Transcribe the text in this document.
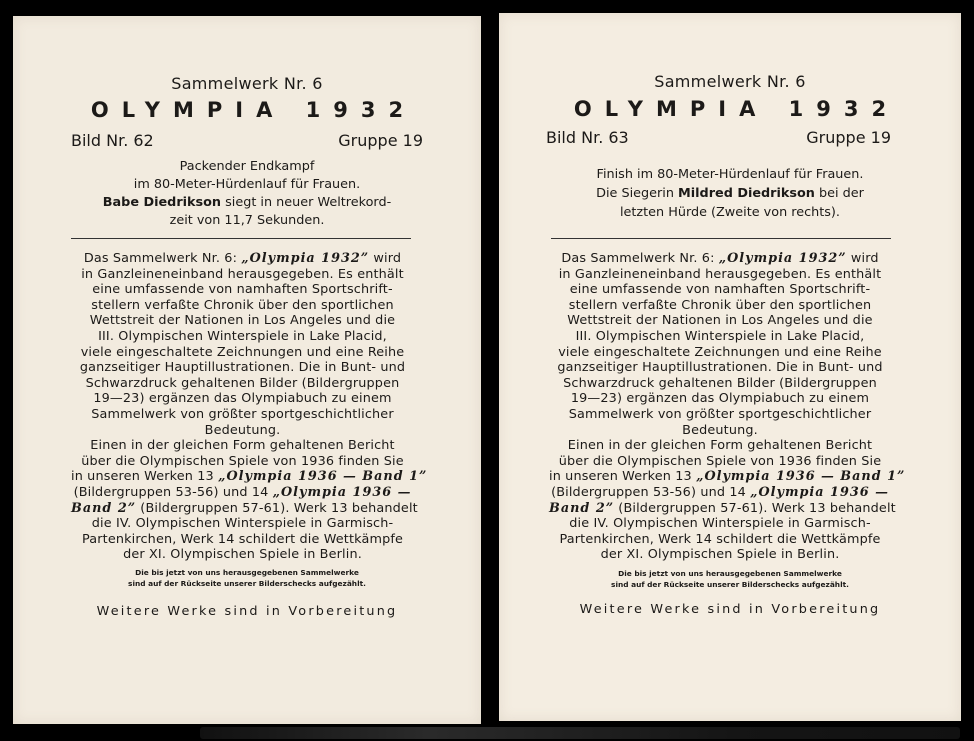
Sammelwerk Nr. 6
OLYMPIA 1932
Bild Nr. 62	Gruppe 19
Packender Endkampf
im 80-Meter-Hürdenlauf für Frauen.
Babe Diedrikson siegt in neuer Weltrekord-
zeit von 11,7 Sekunden.
Das Sammelwerk Nr. 6: „Olympia 1932” wird
in Ganzleineneinband herausgegeben. Es enthält
eine umfassende von namhaften Sportschrift-
stellern verfaßte Chronik über den sportlichen
Wettstreit der Nationen in Los Angeles und die
III. Olympischen Winterspiele in Lake Placid,
viele eingeschaltete Zeichnungen und eine Reihe
ganzseitiger Hauptillustrationen. Die in Bunt- und
Schwarzdruck gehaltenen Bilder (Bildergruppen
19—23) ergänzen das Olympiabuch zu einem
Sammelwerk von größter sportgeschichtlicher
Bedeutung.
Einen in der gleichen Form gehaltenen Bericht
über die Olympischen Spiele von 1936 finden Sie
in unseren Werken 13 „Olympia 1936 — Band 1”
(Bildergruppen 53-56) und 14 „Olympia 1936 —
Band 2” (Bildergruppen 57-61). Werk 13 behandelt
die IV. Olympischen Winterspiele in Garmisch-
Partenkirchen, Werk 14 schildert die Wettkämpfe
der XI. Olympischen Spiele in Berlin.
Die bis jetzt von uns herausgegebenen Sammelwerke
sind auf der Rückseite unserer Bilderschecks aufgezählt.
Weitere Werke sind in Vorbereitung
Sammelwerk Nr. 6
OLYMPIA 1932
Bild Nr. 63	Gruppe 19
Finish im 80-Meter-Hürdenlauf für Frauen.
Die Siegerin Mildred Diedrikson bei der
letzten Hürde (Zweite von rechts).
Das Sammelwerk Nr. 6: „Olympia 1932” wird
in Ganzleineneinband herausgegeben. Es enthält
eine umfassende von namhaften Sportschrift-
stellern verfaßte Chronik über den sportlichen
Wettstreit der Nationen in Los Angeles und die
III. Olympischen Winterspiele in Lake Placid,
viele eingeschaltete Zeichnungen und eine Reihe
ganzseitiger Hauptillustrationen. Die in Bunt- und
Schwarzdruck gehaltenen Bilder (Bildergruppen
19—23) ergänzen das Olympiabuch zu einem
Sammelwerk von größter sportgeschichtlicher
Bedeutung.
Einen in der gleichen Form gehaltenen Bericht
über die Olympischen Spiele von 1936 finden Sie
in unseren Werken 13 „Olympia 1936 — Band 1”
(Bildergruppen 53-56) und 14 „Olympia 1936 —
Band 2” (Bildergruppen 57-61). Werk 13 behandelt
die IV. Olympischen Winterspiele in Garmisch-
Partenkirchen, Werk 14 schildert die Wettkämpfe
der XI. Olympischen Spiele in Berlin.
Die bis jetzt von uns herausgegebenen Sammelwerke
sind auf der Rückseite unserer Bilderschecks aufgezählt.
Weitere Werke sind in Vorbereitung
